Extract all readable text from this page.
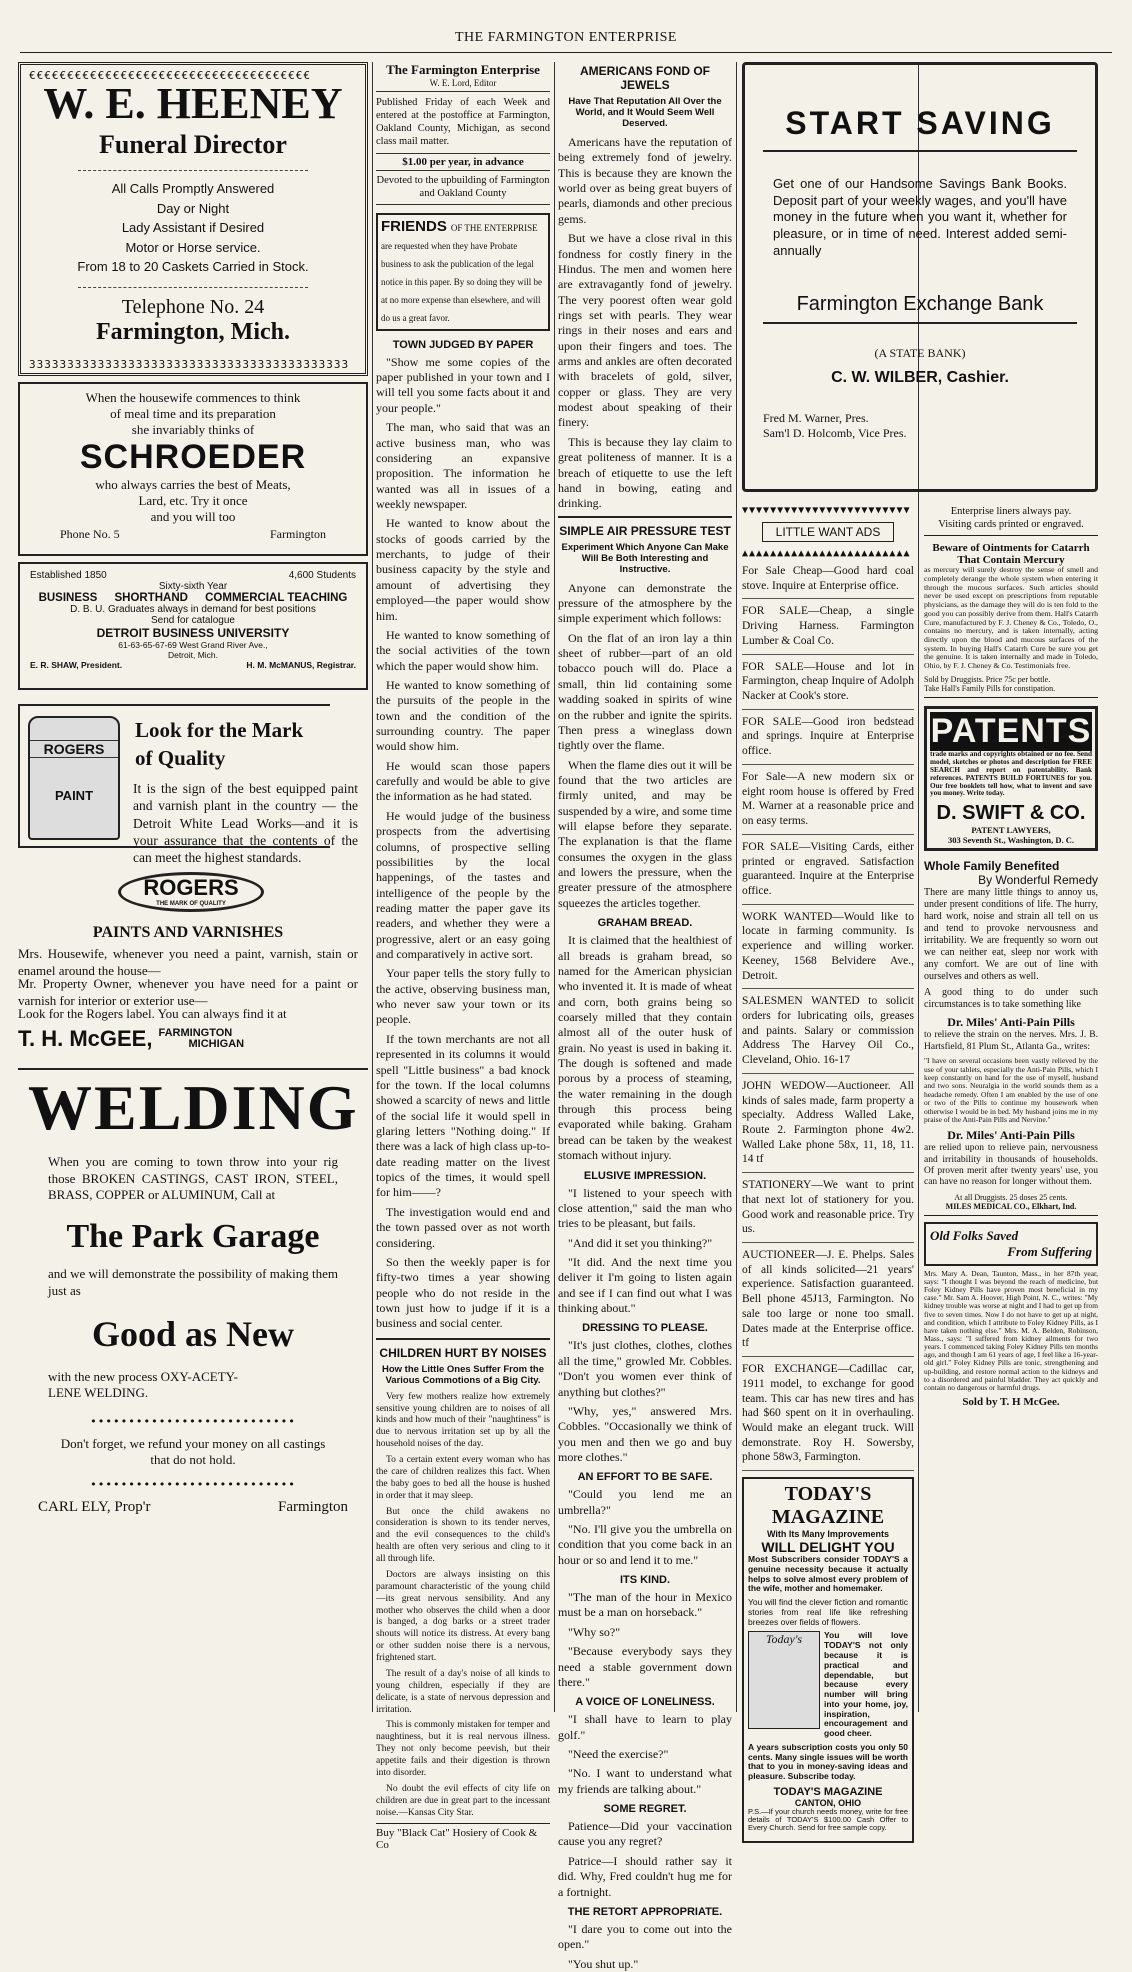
THE FARMINGTON ENTERPRISE
€€€€€€€€€€€€€€€€€€€€€€€€€€€€€€€€€€€€€
W. E. HEENEY
Funeral Director
All Calls Promptly Answered
Day or Night
Lady Assistant if Desired
Motor or Horse service.
From 18 to 20 Caskets Carried in Stock.
Telephone No. 24
Farmington, Mich.
ЗЗЗЗЗЗЗЗЗЗЗЗЗЗЗЗЗЗЗЗЗЗЗЗЗЗЗЗЗЗЗЗЗЗЗЗЗЗЗЗЗЗ
When the housewife commences to think
of meal time and its preparation
she invariably thinks of
SCHROEDER
who always carries the best of Meats,
Lard, etc. Try it once
and you will too
Phone No. 5	Farmington
Established 1850	4,600 Students
Sixty-sixth Year
BUSINESS SHORTHAND COMMERCIAL TEACHING
D. B. U. Graduates always in demand for best positions
Send for catalogue
DETROIT BUSINESS UNIVERSITY
61-63-65-67-69 West Grand River Ave.,
Detroit, Mich.
E. R. SHAW, President.	H. M. McMANUS, Registrar.
ROGERS
PAINT
Look for the Mark
of Quality

It is the sign of the best equipped paint and varnish plant in the country — the Detroit White Lead Works—and it is your assurance that the contents of the can meet the highest standards.

ROGERS
THE MARK OF QUALITY
PAINTS AND VARNISHES

Mrs. Housewife, whenever you need a paint, varnish, stain or enamel around the house—

Mr. Property Owner, whenever you have need for a paint or varnish for interior or exterior use—

Look for the Rogers label. You can always find it at

T. H. McGEE, FARMINGTON
MICHIGAN
WELDING

When you are coming to town throw into your rig those BROKEN CASTINGS, CAST IRON, STEEL, BRASS, COPPER or ALUMINUM, Call at

The Park Garage

and we will demonstrate the possibility of making them just as

Good as New
with the new process OXY-ACETY-
LENE WELDING.
•••••••••••••••••••••••••••
Don't forget, we refund your money on all castings
that do not hold.
•••••••••••••••••••••••••••
CARL ELY, Prop'r	Farmington
The Farmington Enterprise
W. E. Lord, Editor

Published Friday of each Week and entered at the postoffice at Farmington, Oakland County, Michigan, as second class mail matter.

$1.00 per year, in advance
Devoted to the upbuilding of Farmington and Oakland County
FRIENDS OF THE ENTERPRISE are requested when they have Probate business to ask the publication of the legal notice in this paper. By so doing they will be at no more expense than elsewhere, and will do us a great favor.
TOWN JUDGED BY PAPER

"Show me some copies of the paper published in your town and I will tell you some facts about it and your people."

The man, who said that was an active business man, who was considering an expansive proposition. The information he wanted was all in issues of a weekly newspaper.

He wanted to know about the stocks of goods carried by the merchants, to judge of their business capacity by the style and amount of advertising they employed—the paper would show him.

He wanted to know something of the social activities of the town which the paper would show him.

He wanted to know something of the pursuits of the people in the town and the condition of the surrounding country. The paper would show him.

He would scan those papers carefully and would be able to give the information as he had stated.

He would judge of the business prospects from the advertising columns, of prospective selling possibilities by the local happenings, of the tastes and intelligence of the people by the reading matter the paper gave its readers, and whether they were a progressive, alert or an easy going and comparatively in active sort.

Your paper tells the story fully to the active, observing business man, who never saw your town or its people.

If the town merchants are not all represented in its columns it would spell "Little business" a bad knock for the town. If the local columns showed a scarcity of news and little of the social life it would spell in glaring letters "Nothing doing." If there was a lack of high class up-to-date reading matter on the livest topics of the times, it would spell for him——?

The investigation would end and the town passed over as not worth considering.

So then the weekly paper is for fifty-two times a year showing people who do not reside in the town just how to judge if it is a business and social center.

CHILDREN HURT BY NOISES
How the Little Ones Suffer From the Various Commotions of a Big City.

Very few mothers realize how extremely sensitive young children are to noises of all kinds and how much of their "naughtiness" is due to nervous irritation set up by all the household noises of the day.

To a certain extent every woman who has the care of children realizes this fact. When the baby goes to bed all the house is hushed in order that it may sleep.

But once the child awakens no consideration is shown to its tender nerves, and the evil consequences to the child's health are often very serious and cling to it all through life.

Doctors are always insisting on this paramount characteristic of the young child—its great nervous sensibility. And any mother who observes the child when a door is banged, a dog barks or a street trader shouts will notice its distress. At every bang or other sudden noise there is a nervous, frightened start.

The result of a day's noise of all kinds to young children, especially if they are delicate, is a state of nervous depression and irritation.

This is commonly mistaken for temper and naughtiness, but it is real nervous illness. They not only become peevish, but their appetite fails and their digestion is thrown into disorder.

No doubt the evil effects of city life on children are due in great part to the incessant noise.—Kansas City Star.

Buy "Black Cat" Hosiery of Cook & Co
AMERICANS FOND OF JEWELS
Have That Reputation All Over the World, and It Would Seem Well Deserved.

Americans have the reputation of being extremely fond of jewelry. This is because they are known the world over as being great buyers of pearls, diamonds and other precious gems.

But we have a close rival in this fondness for costly finery in the Hindus. The men and women here are extravagantly fond of jewelry. The very poorest often wear gold rings set with pearls. They wear rings in their noses and ears and upon their fingers and toes. The arms and ankles are often decorated with bracelets of gold, silver, copper or glass. They are very modest about speaking of their finery.

This is because they lay claim to great politeness of manner. It is a breach of etiquette to use the left hand in bowing, eating and drinking.

SIMPLE AIR PRESSURE TEST
Experiment Which Anyone Can Make Will Be Both Interesting and Instructive.

Anyone can demonstrate the pressure of the atmosphere by the simple experiment which follows:

On the flat of an iron lay a thin sheet of rubber—part of an old tobacco pouch will do. Place a small, thin lid containing some wadding soaked in spirits of wine on the rubber and ignite the spirits. Then press a wineglass down tightly over the flame.

When the flame dies out it will be found that the two articles are firmly united, and may be suspended by a wire, and some time will elapse before they separate. The explanation is that the flame consumes the oxygen in the glass and lowers the pressure, when the greater pressure of the atmosphere squeezes the articles together.

GRAHAM BREAD.

It is claimed that the healthiest of all breads is graham bread, so named for the American physician who invented it. It is made of wheat and corn, both grains being so coarsely milled that they contain almost all of the outer husk of grain. No yeast is used in baking it. The dough is softened and made porous by a process of steaming, the water remaining in the dough through this process being evaporated while baking. Graham bread can be taken by the weakest stomach without injury.

ELUSIVE IMPRESSION.

"I listened to your speech with close attention," said the man who tries to be pleasant, but fails.

"And did it set you thinking?"

"It did. And the next time you deliver it I'm going to listen again and see if I can find out what I was thinking about."

DRESSING TO PLEASE.

"It's just clothes, clothes, clothes all the time," growled Mr. Cobbles. "Don't you women ever think of anything but clothes?"

"Why, yes," answered Mrs. Cobbles. "Occasionally we think of you men and then we go and buy more clothes."

AN EFFORT TO BE SAFE.

"Could you lend me an umbrella?"

"No. I'll give you the umbrella on condition that you come back in an hour or so and lend it to me."

ITS KIND.

"The man of the hour in Mexico must be a man on horseback."

"Why so?"

"Because everybody says they need a stable government down there."

A VOICE OF LONELINESS.

"I shall have to learn to play golf."

"Need the exercise?"

"No. I want to understand what my friends are talking about."

SOME REGRET.

Patience—Did your vaccination cause you any regret?

Patrice—I should rather say it did. Why, Fred couldn't hug me for a fortnight.

THE RETORT APPROPRIATE.

"I dare you to come out into the open."

"You shut up."

START SAVING

Get one of our Handsome Savings Bank Books. Deposit part of your weekly wages, and you'll have money in the future when you want it, whether for pleasure, or in time of need. Interest added semi-annually

Farmington Exchange Bank
(A STATE BANK)
C. W. WILBER, Cashier.
Fred M. Warner, Pres.
Sam'l D. Holcomb, Vice Pres.
▼▼▼▼▼▼▼▼▼▼▼▼▼▼▼▼▼▼▼▼▼▼▼▼
LITTLE WANT ADS
▲▲▲▲▲▲▲▲▲▲▲▲▲▲▲▲▲▲▲▲▲▲▲▲

For Sale Cheap—Good hard coal stove. Inquire at Enterprise office.

FOR SALE—Cheap, a single Driving Harness. Farmington Lumber & Coal Co.

FOR SALE—House and lot in Farmington, cheap Inquire of Adolph Nacker at Cook's store.

FOR SALE—Good iron bedstead and springs. Inquire at Enterprise office.

For Sale—A new modern six or eight room house is offered by Fred M. Warner at a reasonable price and on easy terms.

FOR SALE—Visiting Cards, either printed or engraved. Satisfaction guaranteed. Inquire at the Enterprise office.

WORK WANTED—Would like to locate in farming community. Is experience and willing worker. Keeney, 1568 Belvidere Ave., Detroit.

SALESMEN WANTED to solicit orders for lubricating oils, greases and paints. Salary or commission Address The Harvey Oil Co., Cleveland, Ohio. 16-17

JOHN WEDOW—Auctioneer. All kinds of sales made, farm property a specialty. Address Walled Lake, Route 2. Farmington phone 4w2. Walled Lake phone 58x, 11, 18, 11. 14 tf

STATIONERY—We want to print that next lot of stationery for you. Good work and reasonable price. Try us.

AUCTIONEER—J. E. Phelps. Sales of all kinds solicited—21 years' experience. Satisfaction guaranteed. Bell phone 45J13, Farmington. No sale too large or none too small. Dates made at the Enterprise office. tf

FOR EXCHANGE—Cadillac car, 1911 model, to exchange for good team. This car has new tires and has had $60 spent on it in overhauling. Would make an elegant truck. Will demonstrate. Roy H. Sowersby, phone 58w3, Farmington.

TODAY'S MAGAZINE
With Its Many Improvements
WILL DELIGHT YOU

Most Subscribers consider TODAY'S a genuine necessity because it actually helps to solve almost every problem of the wife, mother and homemaker.

You will find the clever fiction and romantic stories from real life like refreshing breezes over fields of flowers.

Today's	You will love TODAY'S not only because it is practical and dependable, but because every number will bring into your home, joy, inspiration, encouragement and good cheer.

A years subscription costs you only 50 cents. Many single issues will be worth that to you in money-saving ideas and pleasure. Subscribe today.

TODAY'S MAGAZINE
CANTON, OHIO

P.S.—If your church needs money, write for free details of TODAY'S $100.00 Cash Offer to Every Church. Send for free sample copy.

Enterprise liners always pay.
Visiting cards printed or engraved.
Beware of Ointments for Catarrh That Contain Mercury

as mercury will surely destroy the sense of smell and completely derange the whole system when entering it through the mucous surfaces. Such articles should never be used except on prescriptions from reputable physicians, as the damage they will do is ten fold to the good you can possibly derive from them. Hall's Catarrh Cure, manufactured by F. J. Cheney & Co., Toledo, O., contains no mercury, and is taken internally, acting directly upon the blood and mucous surfaces of the system. In buying Hall's Catarrh Cure be sure you get the genuine. It is taken internally and made in Toledo, Ohio, by F. J. Cheney & Co. Testimonials free.

Sold by Druggists. Price 75c per bottle.
Take Hall's Family Pills for constipation.
PATENTS

trade marks and copyrights obtained or no fee. Send model, sketches or photos and description for FREE SEARCH and report on patentability. Bank references. PATENTS BUILD FORTUNES for you. Our free booklets tell how, what to invent and save you money. Write today.

D. SWIFT & CO.
PATENT LAWYERS,
303 Seventh St., Washington, D. C.
Whole Family Benefited
By Wonderful Remedy

There are many little things to annoy us, under present conditions of life. The hurry, hard work, noise and strain all tell on us and tend to provoke nervousness and irritability. We are frequently so worn out we can neither eat, sleep nor work with any comfort. We are out of line with ourselves and others as well.

A good thing to do under such circumstances is to take something like

Dr. Miles' Anti-Pain Pills

to relieve the strain on the nerves. Mrs. J. B. Hartsfield, 81 Plum St., Atlanta Ga., writes:

"I have on several occasions been vastly relieved by the use of your tablets, especially the Anti-Pain Pills, which I keep constantly on hand for the use of myself, husband and two sons. Neuralgia in the world sounds them as a headache remedy. Often I am enabled by the use of one or two of the Pills to continue my housework when otherwise I would be in bed. My husband joins me in my praise of the Anti-Pain Pills and Nervine."

Dr. Miles' Anti-Pain Pills

are relied upon to relieve pain, nervousness and irritability in thousands of households. Of proven merit after twenty years' use, you can have no reason for longer without them.

At all Druggists. 25 doses 25 cents.
MILES MEDICAL CO., Elkhart, Ind.
Old Folks Saved
From Suffering

Mrs. Mary A. Dean, Taunton, Mass., in her 87th year, says: "I thought I was beyond the reach of medicine, but Foley Kidney Pills have proven most beneficial in my case." Mr. Sam A. Hoover, High Point, N. C., writes: "My kidney trouble was worse at night and I had to get up from five to seven times. Now I do not have to get up at night, and condition, which I attribute to Foley Kidney Pills, as I have taken nothing else." Mrs. M. A. Belden, Robinson, Mass., says: "I suffered from kidney ailments for two years. I commenced taking Foley Kidney Pills ten months ago, and though I am 61 years of age, I feel like a 16-year-old girl." Foley Kidney Pills are tonic, strengthening and up-building, and restore normal action to the kidneys and to a disordered and painful bladder. They act quickly and contain no dangerous or harmful drugs.

Sold by T. H McGee.
